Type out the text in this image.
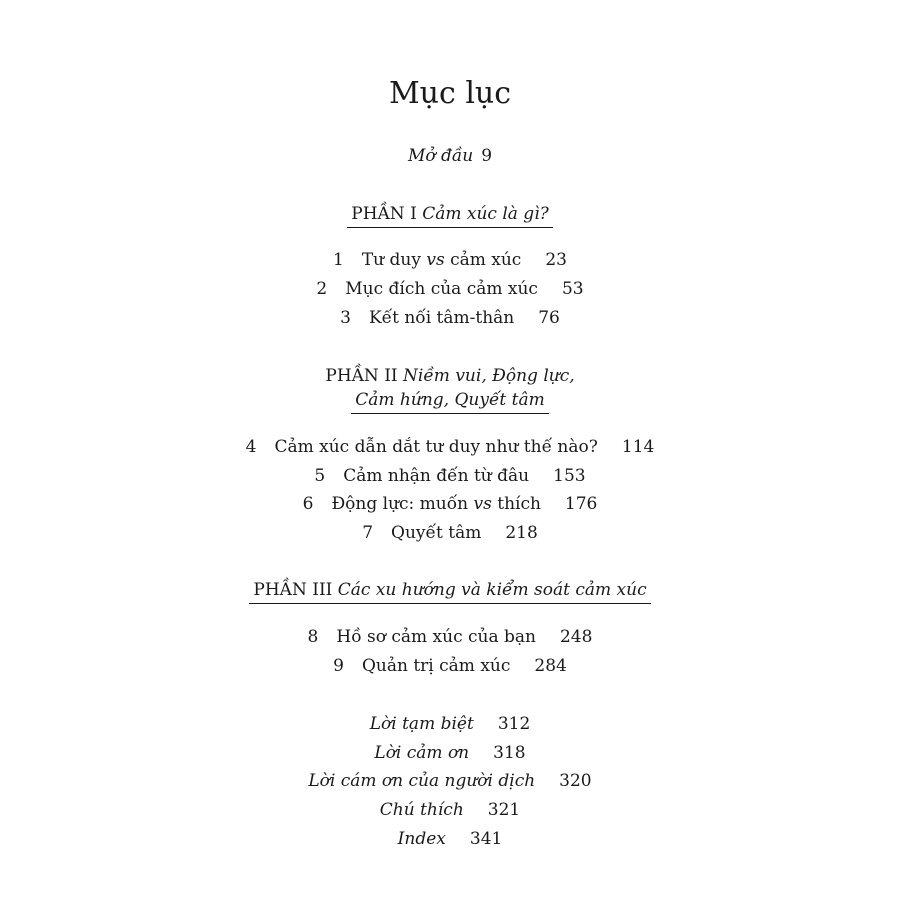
Mục lục
Mở đầu 9
PHẦN I Cảm xúc là gì?
1 Tư duy vs cảm xúc 23
2 Mục đích của cảm xúc 53
3 Kết nối tâm-thân 76
PHẦN II Niềm vui, Động lực,
Cảm hứng, Quyết tâm
4 Cảm xúc dẫn dắt tư duy như thế nào? 114
5 Cảm nhận đến từ đâu 153
6 Động lực: muốn vs thích 176
7 Quyết tâm 218
PHẦN III Các xu hướng và kiểm soát cảm xúc
8 Hồ sơ cảm xúc của bạn 248
9 Quản trị cảm xúc 284
Lời tạm biệt 312
Lời cảm ơn 318
Lời cám ơn của người dịch 320
Chú thích 321
Index 341
